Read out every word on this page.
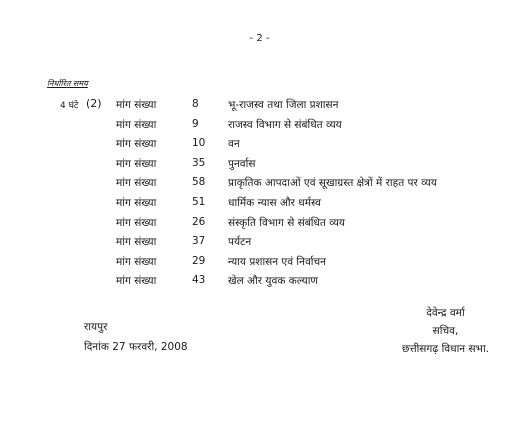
- 2 -
निर्धारित समय
4 घंटे (2) मांग संख्या	8	भू-राजस्व तथा जिला प्रशासन
मांग संख्या	9	राजस्व विभाग से संबंधित व्यय
मांग संख्या	10 वन
मांग संख्या	35 पुनर्वास
मांग संख्या	58 प्राकृतिक आपदाओं एवं सूखाग्रस्त क्षेत्रों में राहत पर व्यय
मांग संख्या	51 धार्मिक न्यास और धर्मस्व
मांग संख्या	26 संस्कृति विभाग से संबंधित व्यय
मांग संख्या	37 पर्यटन
मांग संख्या	29 न्याय प्रशासन एवं निर्वाचन
मांग संख्या	43 खेल और युवक कल्याण
रायपुर
दिनांक 27 फरवरी, 2008
देवेन्द्र वर्मा
सचिव,
छत्तीसगढ़ विधान सभा.
